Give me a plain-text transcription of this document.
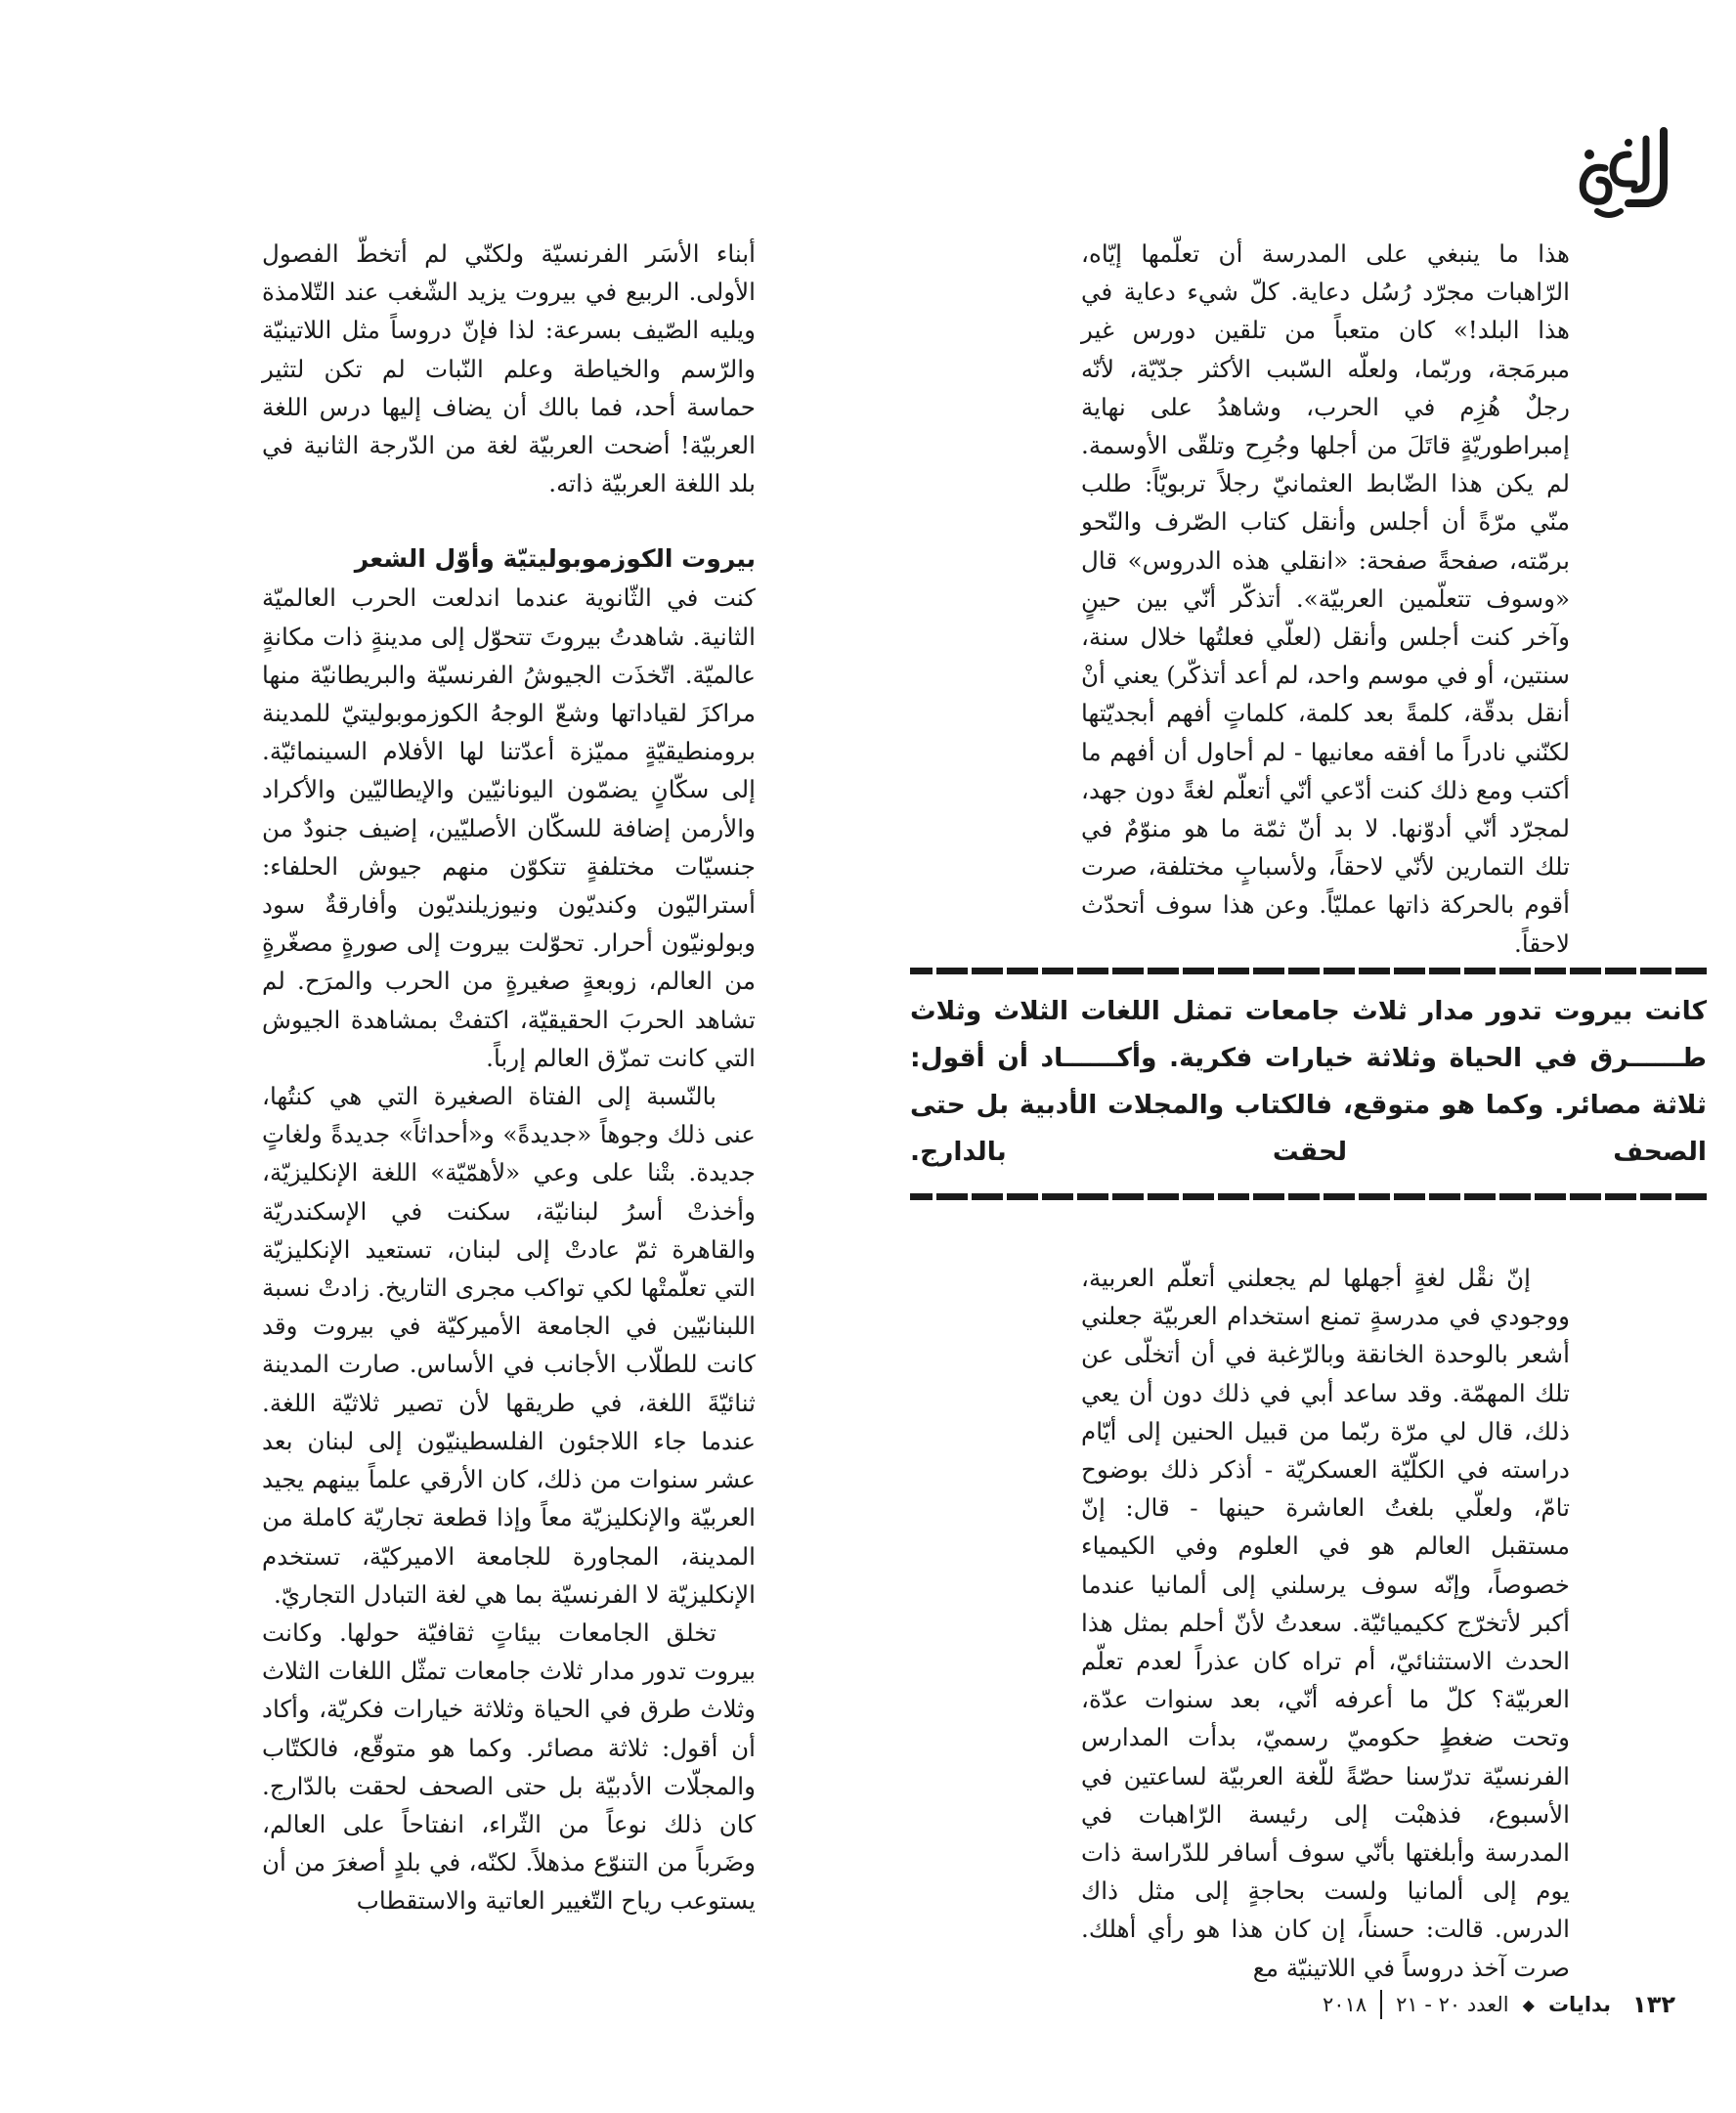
هذا ما ينبغي على المدرسة أن تعلّمها إيّاه، الرّاهبات مجرّد رُسُل دعاية. كلّ شيء دعاية في هذا البلد!» كان متعباً من تلقين دورس غير مبرمَجة، وربّما، ولعلّه السّبب الأكثر جدّيّة، لأنّه رجلٌ هُزِم في الحرب، وشاهدُ على نهاية إمبراطوريّةٍ قاتَلَ من أجلها وجُرِح وتلقّى الأوسمة. لم يكن هذا الضّابط العثمانيّ رجلاً تربويّاً: طلب منّي مرّةً أن أجلس وأنقل كتاب الصّرف والنّحو برمّته، صفحةً صفحة: «انقلي هذه الدروس» قال «وسوف تتعلّمين العربيّة». أتذكّر أنّي بين حينٍ وآخر كنت أجلس وأنقل (لعلّي فعلتُها خلال سنة، سنتين، أو في موسم واحد، لم أعد أتذكّر) يعني أنْ أنقل بدقّة، كلمةً بعد كلمة، كلماتٍ أفهم أبجديّتها لكنّني نادراً ما أفقه معانيها - لم أحاول أن أفهم ما أكتب ومع ذلك كنت أدّعي أنّي أتعلّم لغةً دون جهد، لمجرّد أنّي أدوّنها. لا بد أنّ ثمّة ما هو منوّمٌ في تلك التمارين لأنّي لاحقاً، ولأسبابٍ مختلفة، صرت أقوم بالحركة ذاتها عمليّاً. وعن هذا سوف أتحدّث لاحقاً.

كانت بيروت تدور مدار ثلاث جامعات تمثل اللغات الثلاث وثلاث طــــــرق في الحياة وثلاثة خيارات فكرية. وأكــــــاد أن أقول: ثلاثة مصائر. وكما هو متوقع، فالكتاب والمجلات الأدبية بل حتى الصحف لحقت بالدارج.

إنّ نقْل لغةٍ أجهلها لم يجعلني أتعلّم العربية، ووجودي في مدرسةٍ تمنع استخدام العربيّة جعلني أشعر بالوحدة الخانقة وبالرّغبة في أن أتخلّى عن تلك المهمّة. وقد ساعد أبي في ذلك دون أن يعي ذلك، قال لي مرّة ربّما من قبيل الحنين إلى أيّام دراسته في الكلّيّة العسكريّة - أذكر ذلك بوضوح تامّ، ولعلّي بلغتُ العاشرة حينها - قال: إنّ مستقبل العالم هو في العلوم وفي الكيمياء خصوصاً، وإنّه سوف يرسلني إلى ألمانيا عندما أكبر لأتخرّج ككيميائيّة. سعدتُ لأنّ أحلم بمثل هذا الحدث الاستثنائيّ، أم تراه كان عذراً لعدم تعلّم العربيّة؟ كلّ ما أعرفه أنّي، بعد سنوات عدّة، وتحت ضغطٍ حكوميّ رسميّ، بدأت المدارس الفرنسيّة تدرّسنا حصّةً للّغة العربيّة لساعتين في الأسبوع، فذهبْت إلى رئيسة الرّاهبات في المدرسة وأبلغتها بأنّي سوف أسافر للدّراسة ذات يوم إلى ألمانيا ولست بحاجةٍ إلى مثل ذاك الدرس. قالت: حسناً، إن كان هذا هو رأي أهلك. صرت آخذ دروساً في اللاتينيّة مع

أبناء الأسَر الفرنسيّة ولكنّي لم أتخطّ الفصول الأولى. الربيع في بيروت يزيد الشّغب عند التّلامذة ويليه الصّيف بسرعة: لذا فإنّ دروساً مثل اللاتينيّة والرّسم والخياطة وعلم النّبات لم تكن لتثير حماسة أحد، فما بالك أن يضاف إليها درس اللغة العربيّة! أضحت العربيّة لغة من الدّرجة الثانية في بلد اللغة العربيّة ذاته.

بيروت الكوزموبوليتيّة وأوّل الشعر

كنت في الثّانوية عندما اندلعت الحرب العالميّة الثانية. شاهدتُ بيروتَ تتحوّل إلى مدينةٍ ذات مكانةٍ عالميّة. اتّخذَت الجيوشُ الفرنسيّة والبريطانيّة منها مراكزَ لقياداتها وشعّ الوجهُ الكوزموبوليتيّ للمدينة برومنطيقيّةٍ مميّزة أعدّتنا لها الأفلام السينمائيّة. إلى سكّانٍ يضمّون اليونانيّين والإيطاليّين والأكراد والأرمن إضافة للسكّان الأصليّين، إضيف جنودٌ من جنسيّات مختلفةٍ تتكوّن منهم جيوش الحلفاء: أستراليّون وكنديّون ونيوزيلنديّون وأفارقةٌ سود وبولونيّون أحرار. تحوّلت بيروت إلى صورةٍ مصغّرةٍ من العالم، زوبعةٍ صغيرةٍ من الحرب والمرَح. لم تشاهد الحربَ الحقيقيّة، اكتفتْ بمشاهدة الجيوش التي كانت تمزّق العالم إرباً.

بالنّسبة إلى الفتاة الصغيرة التي هي كنتُها، عنى ذلك وجوهاً «جديدةً» و«أحداثاً» جديدةً ولغاتٍ جديدة. بتْنا على وعي «لأهمّيّة» اللغة الإنكليزيّة، وأخذتْ أسرُ لبنانيّة، سكنت في الإسكندريّة والقاهرة ثمّ عادتْ إلى لبنان، تستعيد الإنكليزيّة التي تعلّمتْها لكي تواكب مجرى التاريخ. زادتْ نسبة اللبنانيّين في الجامعة الأميركيّة في بيروت وقد كانت للطلّاب الأجانب في الأساس. صارت المدينة ثنائيّةَ اللغة، في طريقها لأن تصير ثلاثيّة اللغة. عندما جاء اللاجئون الفلسطينيّون إلى لبنان بعد عشر سنوات من ذلك، كان الأرقي علماً بينهم يجيد العربيّة والإنكليزيّة معاً وإذا قطعة تجاريّة كاملة من المدينة، المجاورة للجامعة الاميركيّة، تستخدم الإنكليزيّة لا الفرنسيّة بما هي لغة التبادل التجاريّ.

تخلق الجامعات بيئاتٍ ثقافيّة حولها. وكانت بيروت تدور مدار ثلاث جامعات تمثّل اللغات الثلاث وثلاث طرق في الحياة وثلاثة خيارات فكريّة، وأكاد أن أقول: ثلاثة مصائر. وكما هو متوقّع، فالكتّاب والمجلّات الأدبيّة بل حتى الصحف لحقت بالدّارج. كان ذلك نوعاً من الثّراء، انفتاحاً على العالم، وضَرباً من التنوّع مذهلاً. لكنّه، في بلدٍ أصغرَ من أن يستوعب رياح التّغيير العاتية والاستقطاب

١٣٢
بدايات
◆
العدد ٢٠ - ٢١
٢٠١٨
